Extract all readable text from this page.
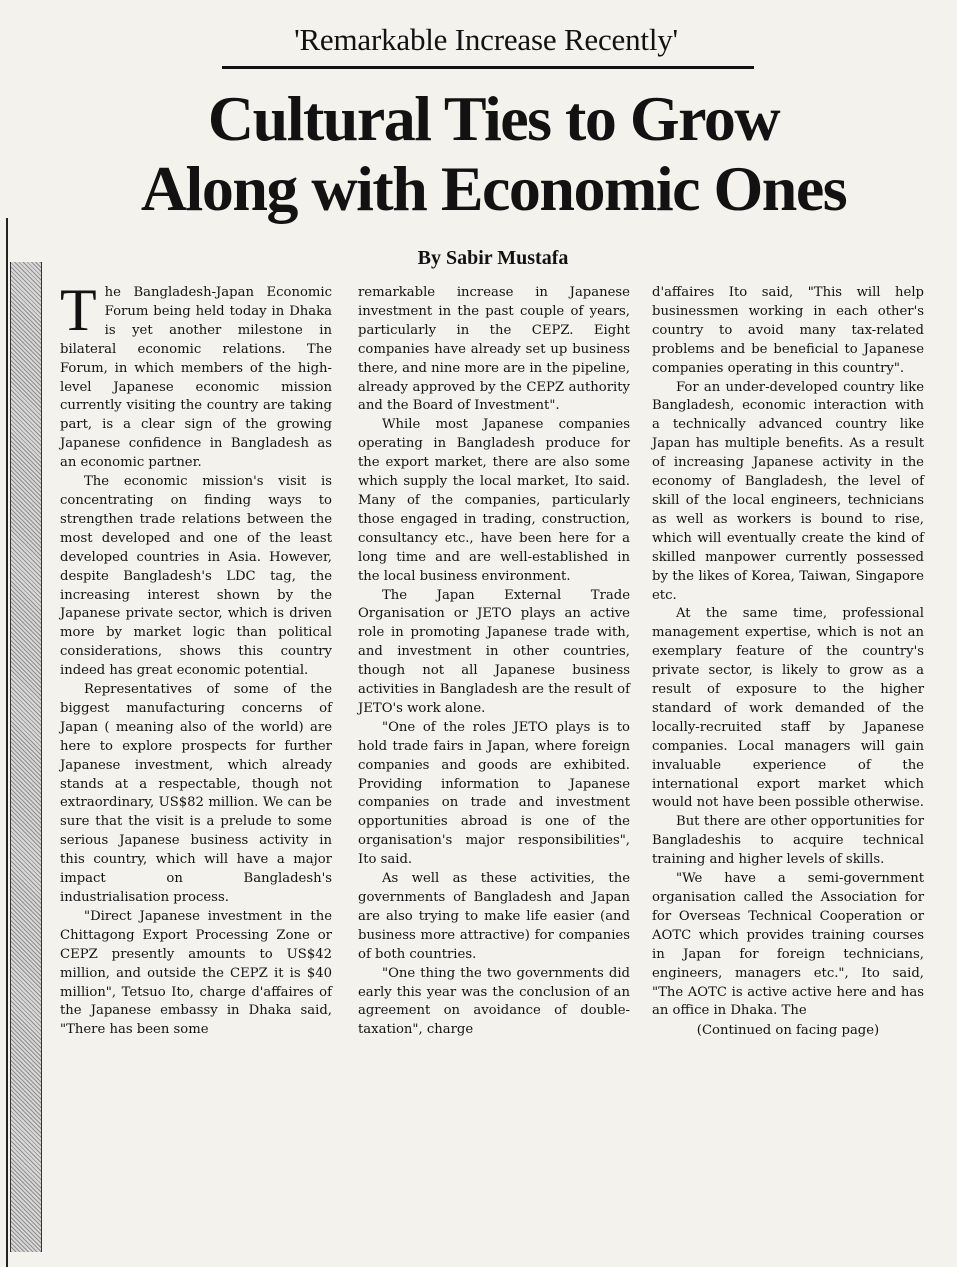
'Remarkable Increase Recently'
Cultural Ties to Grow
Along with Economic Ones
By Sabir Mustafa

The Bangladesh-Japan Economic Forum being held today in Dhaka is yet another milestone in bilateral economic relations. The Forum, in which members of the high-level Japanese economic mission currently visiting the country are taking part, is a clear sign of the growing Japanese confidence in Bangladesh as an economic partner.

The economic mission's visit is concentrating on finding ways to strengthen trade relations between the most developed and one of the least developed countries in Asia. However, despite Bangladesh's LDC tag, the increasing interest shown by the Japanese private sector, which is driven more by market logic than political considerations, shows this country indeed has great economic potential.

Representatives of some of the biggest manufacturing concerns of Japan ( meaning also of the world) are here to explore prospects for further Japanese investment, which already stands at a respectable, though not extraordinary, US$82 million. We can be sure that the visit is a prelude to some serious Japanese business activity in this country, which will have a major impact on Bangladesh's industrialisation process.

"Direct Japanese investment in the Chittagong Export Processing Zone or CEPZ presently amounts to US$42 million, and outside the CEPZ it is $40 million", Tetsuo Ito, charge d'affaires of the Japanese embassy in Dhaka said, "There has been some

remarkable increase in Japanese investment in the past couple of years, particularly in the CEPZ. Eight companies have already set up business there, and nine more are in the pipeline, already approved by the CEPZ authority and the Board of Investment".

While most Japanese companies operating in Bangladesh produce for the export market, there are also some which supply the local market, Ito said. Many of the companies, particularly those engaged in trading, construction, consultancy etc., have been here for a long time and are well-established in the local business environment.

The Japan External Trade Organisation or JETO plays an active role in promoting Japanese trade with, and investment in other countries, though not all Japanese business activities in Bangladesh are the result of JETO's work alone.

"One of the roles JETO plays is to hold trade fairs in Japan, where foreign companies and goods are exhibited. Providing information to Japanese companies on trade and investment opportunities abroad is one of the organisation's major responsibilities", Ito said.

As well as these activities, the governments of Bangladesh and Japan are also trying to make life easier (and business more attractive) for companies of both countries.

"One thing the two governments did early this year was the conclusion of an agreement on avoidance of double-taxation", charge

d'affaires Ito said, "This will help businessmen working in each other's country to avoid many tax-related problems and be beneficial to Japanese companies operating in this country".

For an under-developed country like Bangladesh, economic interaction with a technically advanced country like Japan has multiple benefits. As a result of increasing Japanese activity in the economy of Bangladesh, the level of skill of the local engineers, technicians as well as workers is bound to rise, which will eventually create the kind of skilled manpower currently possessed by the likes of Korea, Taiwan, Singapore etc.

At the same time, professional management expertise, which is not an exemplary feature of the country's private sector, is likely to grow as a result of exposure to the higher standard of work demanded of the locally-recruited staff by Japanese companies. Local managers will gain invaluable experience of the international export market which would not have been possible otherwise.

But there are other opportunities for Bangladeshis to acquire technical training and higher levels of skills.

"We have a semi-government organisation called the Association for for Overseas Technical Cooperation or AOTC which provides training courses in Japan for foreign technicians, engineers, managers etc.", Ito said, "The AOTC is active active here and has an office in Dhaka. The

(Continued on facing page)
